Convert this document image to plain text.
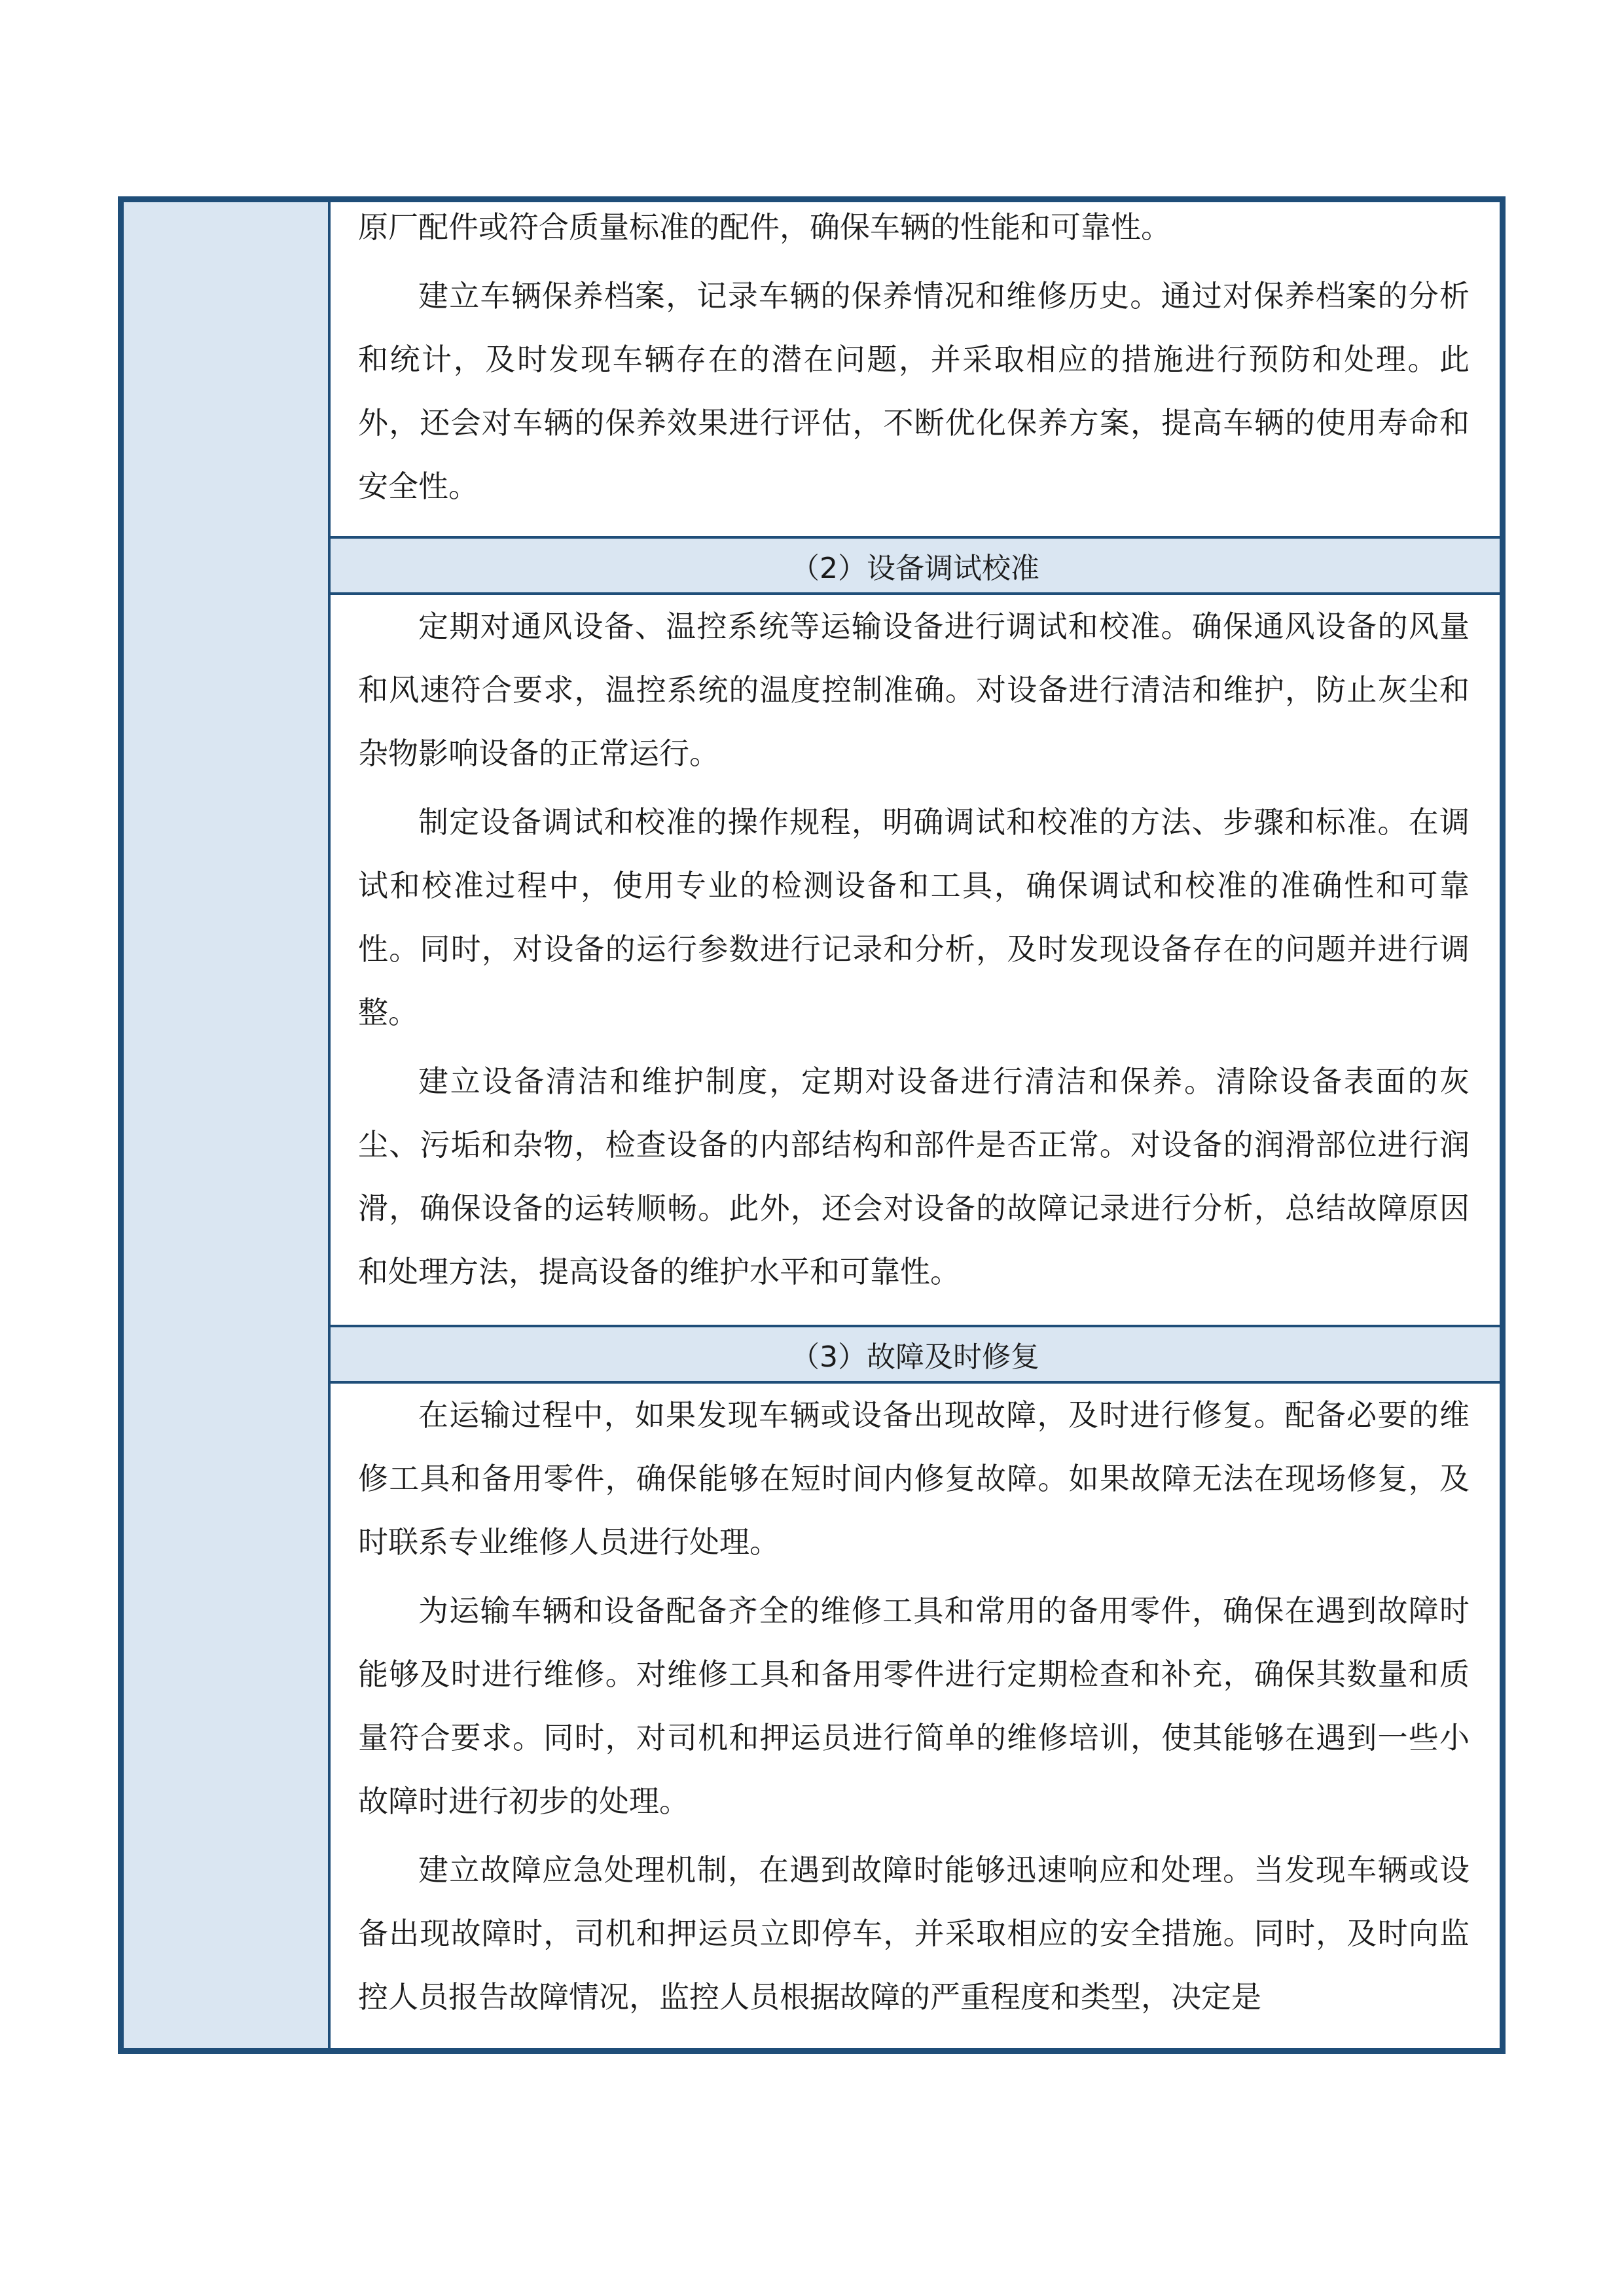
原厂配件或符合质量标准的配件，确保车辆的性能和可靠性。

建立车辆保养档案，记录车辆的保养情况和维修历史。通过对保养档案的分析和统计，及时发现车辆存在的潜在问题，并采取相应的措施进行预防和处理。此外，还会对车辆的保养效果进行评估，不断优化保养方案，提高车辆的使用寿命和安全性。

（2）设备调试校准

定期对通风设备、温控系统等运输设备进行调试和校准。确保通风设备的风量和风速符合要求，温控系统的温度控制准确。对设备进行清洁和维护，防止灰尘和杂物影响设备的正常运行。

制定设备调试和校准的操作规程，明确调试和校准的方法、步骤和标准。在调试和校准过程中，使用专业的检测设备和工具，确保调试和校准的准确性和可靠性。同时，对设备的运行参数进行记录和分析，及时发现设备存在的问题并进行调整。

建立设备清洁和维护制度，定期对设备进行清洁和保养。清除设备表面的灰尘、污垢和杂物，检查设备的内部结构和部件是否正常。对设备的润滑部位进行润滑，确保设备的运转顺畅。此外，还会对设备的故障记录进行分析，总结故障原因和处理方法，提高设备的维护水平和可靠性。

（3）故障及时修复

在运输过程中，如果发现车辆或设备出现故障，及时进行修复。配备必要的维修工具和备用零件，确保能够在短时间内修复故障。如果故障无法在现场修复，及时联系专业维修人员进行处理。

为运输车辆和设备配备齐全的维修工具和常用的备用零件，确保在遇到故障时能够及时进行维修。对维修工具和备用零件进行定期检查和补充，确保其数量和质量符合要求。同时，对司机和押运员进行简单的维修培训，使其能够在遇到一些小故障时进行初步的处理。

建立故障应急处理机制，在遇到故障时能够迅速响应和处理。当发现车辆或设备出现故障时，司机和押运员立即停车，并采取相应的安全措施。同时，及时向监控人员报告故障情况，监控人员根据故障的严重程度和类型，决定是
